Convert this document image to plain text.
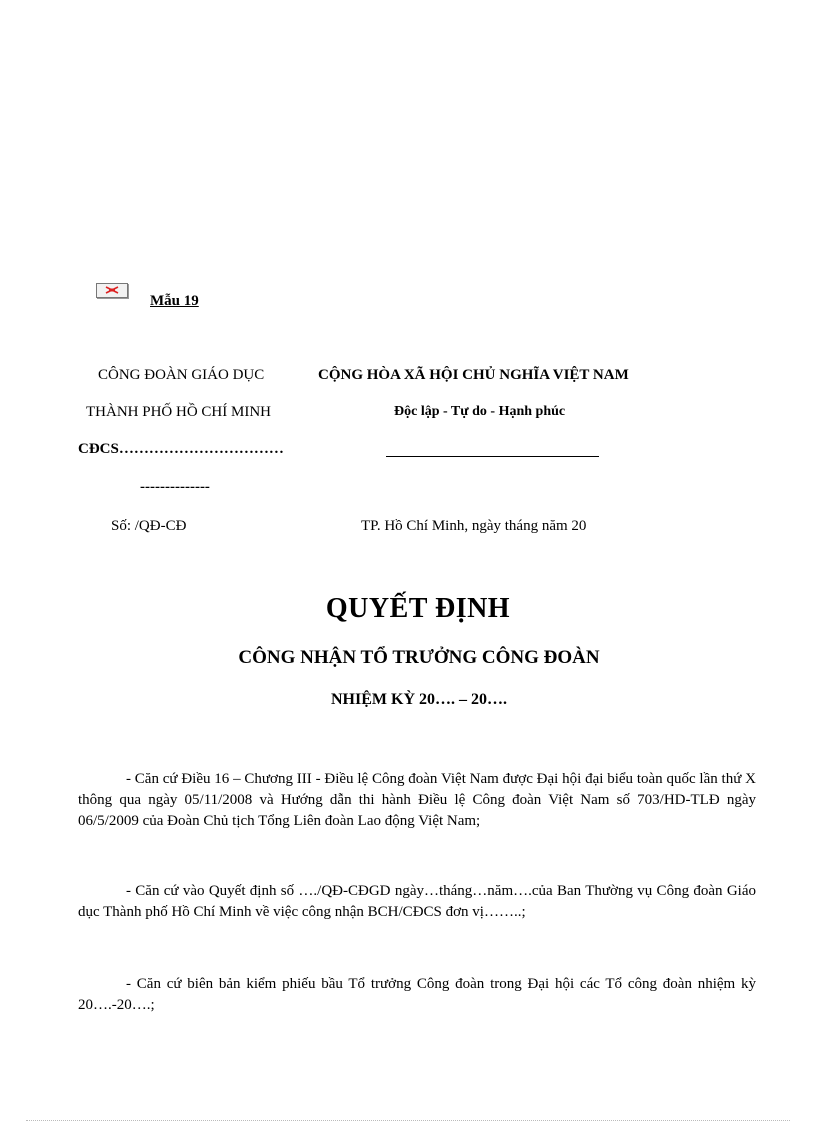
Mẫu 19
CÔNG ĐOÀN GIÁO DỤC
THÀNH PHỐ HỒ CHÍ MINH
CĐCS……………………………
--------------
CỘNG HÒA XÃ HỘI CHỦ NGHĨA VIỆT NAM
Độc lập - Tự do - Hạnh phúc
Số: /QĐ-CĐ	TP. Hồ Chí Minh, ngày tháng năm 20
QUYẾT ĐỊNH
CÔNG NHẬN TỔ TRƯỞNG CÔNG ĐOÀN
NHIỆM KỲ 20…. – 20….

- Căn cứ Điều 16 – Chương III - Điều lệ Công đoàn Việt Nam được Đại hội đại biểu toàn quốc lần thứ X thông qua ngày 05/11/2008 và Hướng dẫn thi hành Điều lệ Công đoàn Việt Nam số 703/HD-TLĐ ngày 06/5/2009 của Đoàn Chủ tịch Tổng Liên đoàn Lao động Việt Nam;

- Căn cứ vào Quyết định số …./QĐ-CĐGD ngày…tháng…năm….của Ban Thường vụ Công đoàn Giáo dục Thành phố Hồ Chí Minh về việc công nhận BCH/CĐCS đơn vị……..;

- Căn cứ biên bản kiểm phiếu bầu Tổ trưởng Công đoàn trong Đại hội các Tổ công đoàn nhiệm kỳ 20….-20….;
